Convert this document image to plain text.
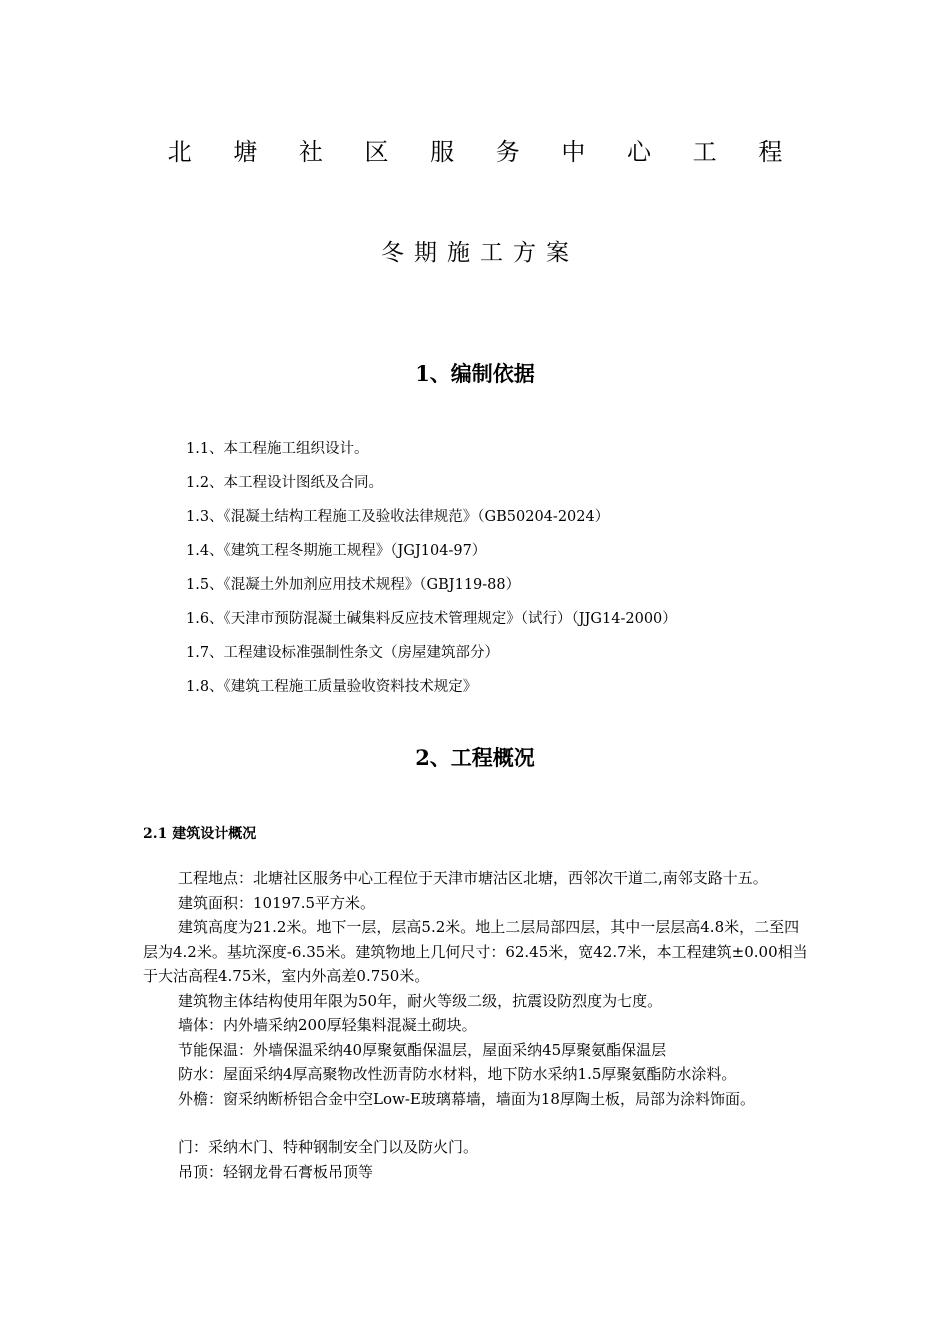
北 塘 社 区 服 务 中 心 工 程
冬期施工方案
1、编制依据
1.1、本工程施工组织设计。
1.2、本工程设计图纸及合同。
1.3、《混凝土结构工程施工及验收法律规范》（GB50204-2024）
1.4、《建筑工程冬期施工规程》（JGJ104-97）
1.5、《混凝土外加剂应用技术规程》（GBJ119-88）
1.6、《天津市预防混凝土碱集料反应技术管理规定》（试行）（JJG14-2000）
1.7、工程建设标准强制性条文（房屋建筑部分）
1.8、《建筑工程施工质量验收资料技术规定》
2、工程概况
2.1 建筑设计概况

工程地点：北塘社区服务中心工程位于天津市塘沽区北塘，西邻次干道二,南邻支路十五。

建筑面积：10197.5平方米。

建筑高度为21.2米。地下一层，层高5.2米。地上二层局部四层，其中一层层高4.8米，二至四层为4.2米。基坑深度-6.35米。建筑物地上几何尺寸：62.45米，宽42.7米，本工程建筑±0.00相当于大沽高程4.75米，室内外高差0.750米。

建筑物主体结构使用年限为50年，耐火等级二级，抗震设防烈度为七度。

墙体：内外墙采纳200厚轻集料混凝土砌块。

节能保温：外墙保温采纳40厚聚氨酯保温层，屋面采纳45厚聚氨酯保温层

防水：屋面采纳4厚高聚物改性沥青防水材料，地下防水采纳1.5厚聚氨酯防水涂料。

外檐：窗采纳断桥铝合金中空Low-E玻璃幕墙，墙面为18厚陶土板，局部为涂料饰面。

门：采纳木门、特种钢制安全门以及防火门。

吊顶：轻钢龙骨石膏板吊顶等
